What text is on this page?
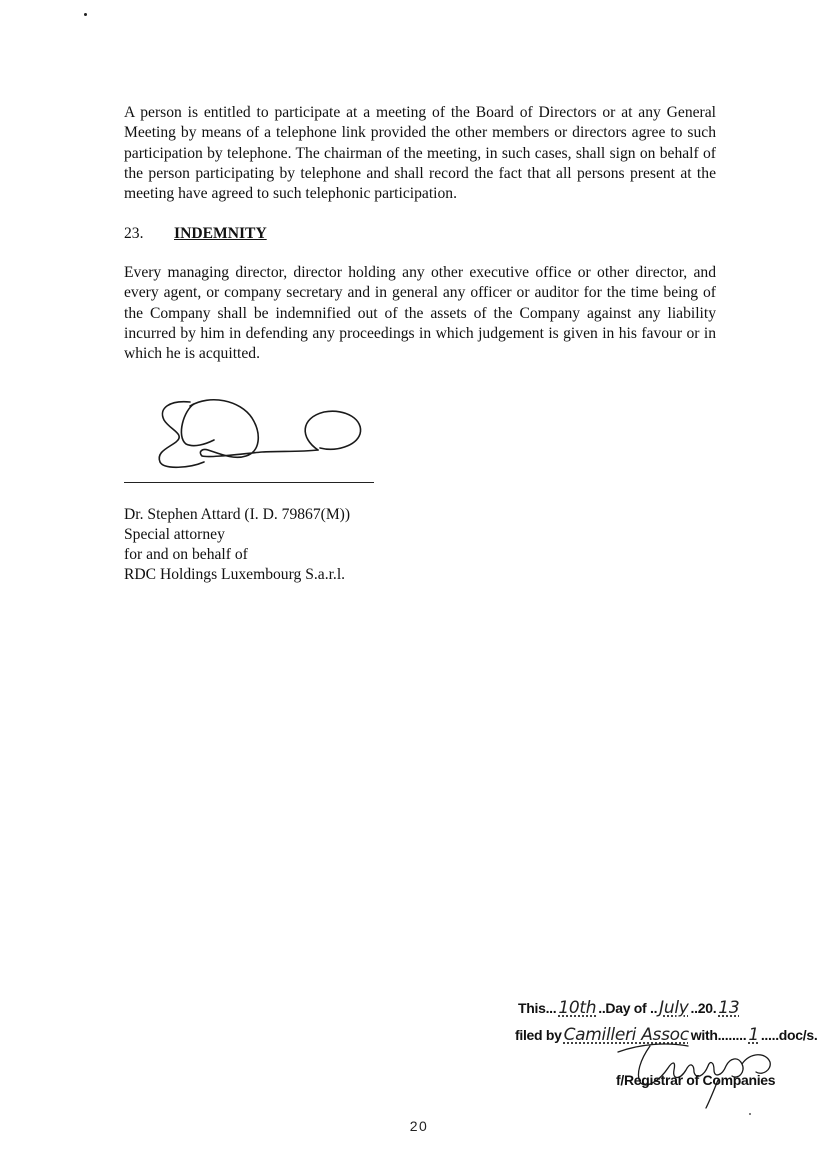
A person is entitled to participate at a meeting of the Board of Directors or at any General Meeting by means of a telephone link provided the other members or directors agree to such participation by telephone. The chairman of the meeting, in such cases, shall sign on behalf of the person participating by telephone and shall record the fact that all persons present at the meeting have agreed to such telephonic participation.

23. INDEMNITY

Every managing director, director holding any other executive office or other director, and every agent, or company secretary and in general any officer or auditor for the time being of the Company shall be indemnified out of the assets of the Company against any liability incurred by him in defending any proceedings in which judgement is given in his favour or in which he is acquitted.

Dr. Stephen Attard (I. D. 79867(M))
Special attorney
for and on behalf of
RDC Holdings Luxembourg S.a.r.l.
This... 10th ..Day of .. July ..20. 13
filed by Camilleri Assoc with........ 1 .....doc/s.
f/Registrar of Companies
20
